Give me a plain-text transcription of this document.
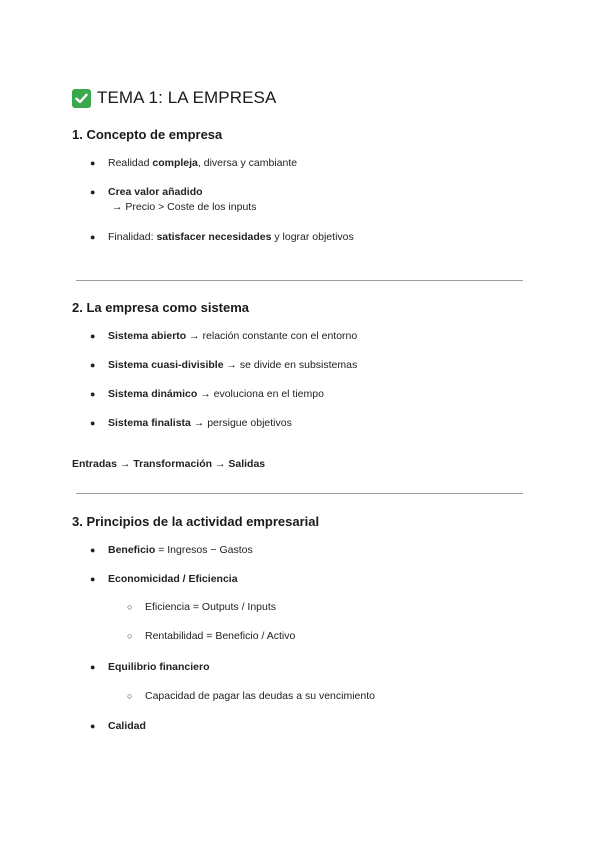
TEMA 1: LA EMPRESA
1. Concepto de empresa
● Realidad compleja, diversa y cambiante
● Crea valor añadido
→ Precio > Coste de los inputs
● Finalidad: satisfacer necesidades y lograr objetivos
2. La empresa como sistema
● Sistema abierto → relación constante con el entorno
● Sistema cuasi-divisible → se divide en subsistemas
● Sistema dinámico → evoluciona en el tiempo
● Sistema finalista → persigue objetivos
Entradas → Transformación → Salidas
3. Principios de la actividad empresarial
● Beneficio = Ingresos − Gastos
● Economicidad / Eficiencia
○ Eficiencia = Outputs / Inputs
○ Rentabilidad = Beneficio / Activo
● Equilibrio financiero
○ Capacidad de pagar las deudas a su vencimiento
● Calidad
